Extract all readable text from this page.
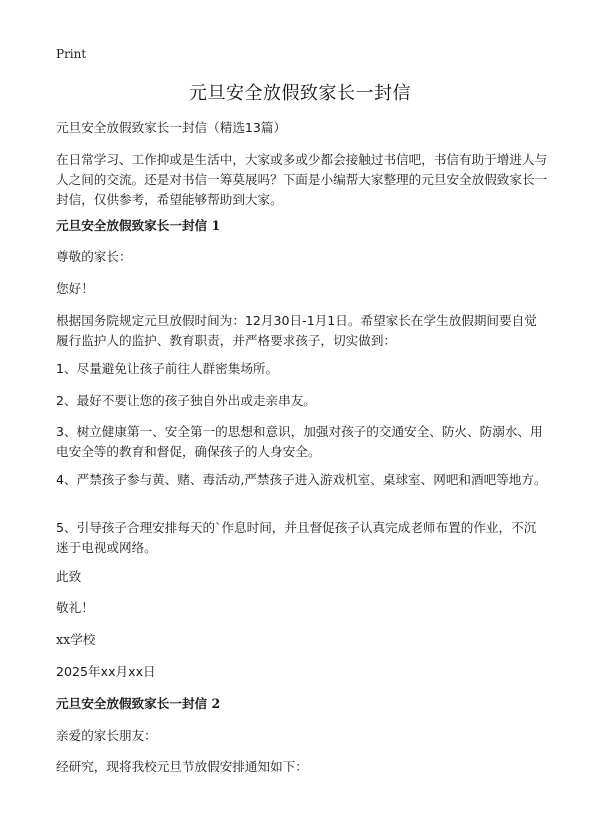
Print
元旦安全放假致家长一封信

元旦安全放假致家长一封信（精选13篇）

在日常学习、工作抑或是生活中，大家或多或少都会接触过书信吧，书信有助于增进人与人之间的交流。还是对书信一筹莫展吗？下面是小编帮大家整理的元旦安全放假致家长一封信，仅供参考，希望能够帮助到大家。

元旦安全放假致家长一封信 1

尊敬的家长：

您好！

根据国务院规定元旦放假时间为：12月30日-1月1日。希望家长在学生放假期间要自觉履行监护人的监护、教育职责，并严格要求孩子，切实做到：

1、尽量避免让孩子前往人群密集场所。

2、最好不要让您的孩子独自外出或走亲串友。

3、树立健康第一、安全第一的思想和意识，加强对孩子的交通安全、防火、防溺水、用电安全等的教育和督促，确保孩子的人身安全。

4、严禁孩子参与黄、赌、毒活动,严禁孩子进入游戏机室、桌球室、网吧和酒吧等地方。

5、引导孩子合理安排每天的`作息时间，并且督促孩子认真完成老师布置的作业，不沉迷于电视或网络。

此致

敬礼！

xx学校

2025年xx月xx日

元旦安全放假致家长一封信 2

亲爱的家长朋友：

经研究，现将我校元旦节放假安排通知如下：
